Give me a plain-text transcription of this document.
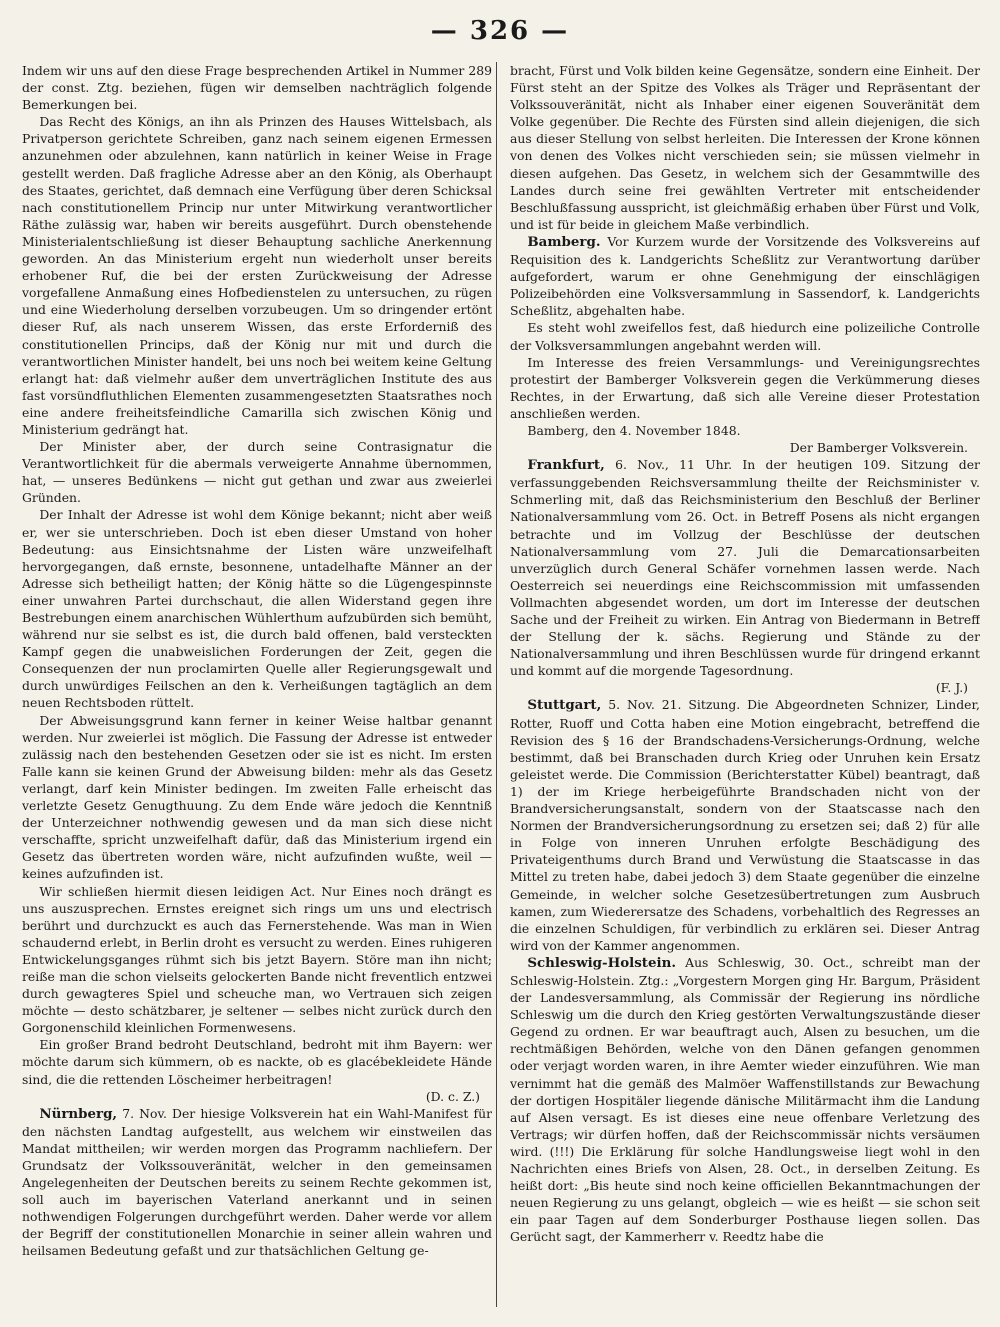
— 326 —

Indem wir uns auf den diese Frage besprechenden Artikel in Nummer 289 der const. Ztg. beziehen, fügen wir demselben nachträglich folgende Bemerkungen bei.

Das Recht des Königs, an ihn als Prinzen des Hauses Wittelsbach, als Privatperson gerichtete Schreiben, ganz nach seinem eigenen Ermessen anzunehmen oder abzulehnen, kann natürlich in keiner Weise in Frage gestellt werden. Daß fragliche Adresse aber an den König, als Oberhaupt des Staates, gerichtet, daß demnach eine Verfügung über deren Schicksal nach constitutionellem Princip nur unter Mitwirkung verantwortlicher Räthe zulässig war, haben wir bereits ausgeführt. Durch obenstehende Ministerialentschließung ist dieser Behauptung sachliche Anerkennung geworden. An das Ministerium ergeht nun wiederholt unser bereits erhobener Ruf, die bei der ersten Zurückweisung der Adresse vorgefallene Anmaßung eines Hofbedienstelen zu untersuchen, zu rügen und eine Wiederholung derselben vorzubeugen. Um so dringender ertönt dieser Ruf, als nach unserem Wissen, das erste Erforderniß des constitutionellen Princips, daß der König nur mit und durch die verantwortlichen Minister handelt, bei uns noch bei weitem keine Geltung erlangt hat: daß vielmehr außer dem unverträglichen Institute des aus fast vorsündfluthlichen Elementen zusammengesetzten Staatsrathes noch eine andere freiheitsfeindliche Camarilla sich zwischen König und Ministerium gedrängt hat.

Der Minister aber, der durch seine Contrasignatur die Verantwortlichkeit für die abermals verweigerte Annahme übernommen, hat, — unseres Bedünkens — nicht gut gethan und zwar aus zweierlei Gründen.

Der Inhalt der Adresse ist wohl dem Könige bekannt; nicht aber weiß er, wer sie unterschrieben. Doch ist eben dieser Umstand von hoher Bedeutung: aus Einsichtsnahme der Listen wäre unzweifelhaft hervorgegangen, daß ernste, besonnene, untadelhafte Männer an der Adresse sich betheiligt hatten; der König hätte so die Lügengespinnste einer unwahren Partei durchschaut, die allen Widerstand gegen ihre Bestrebungen einem anarchischen Wühlerthum aufzubürden sich bemüht, während nur sie selbst es ist, die durch bald offenen, bald versteckten Kampf gegen die unabweislichen Forderungen der Zeit, gegen die Consequenzen der nun proclamirten Quelle aller Regierungsgewalt und durch unwürdiges Feilschen an den k. Verheißungen tagtäglich an dem neuen Rechtsboden rüttelt.

Der Abweisungsgrund kann ferner in keiner Weise haltbar genannt werden. Nur zweierlei ist möglich. Die Fassung der Adresse ist entweder zulässig nach den bestehenden Gesetzen oder sie ist es nicht. Im ersten Falle kann sie keinen Grund der Abweisung bilden: mehr als das Gesetz verlangt, darf kein Minister bedingen. Im zweiten Falle erheischt das verletzte Gesetz Genugthuung. Zu dem Ende wäre jedoch die Kenntniß der Unterzeichner nothwendig gewesen und da man sich diese nicht verschaffte, spricht unzweifelhaft dafür, daß das Ministerium irgend ein Gesetz das übertreten worden wäre, nicht aufzufinden wußte, weil — keines aufzufinden ist.

Wir schließen hiermit diesen leidigen Act. Nur Eines noch drängt es uns auszusprechen. Ernstes ereignet sich rings um uns und electrisch berührt und durchzuckt es auch das Fernerstehende. Was man in Wien schaudernd erlebt, in Berlin droht es versucht zu werden. Eines ruhigeren Entwickelungsganges rühmt sich bis jetzt Bayern. Störe man ihn nicht; reiße man die schon vielseits gelockerten Bande nicht freventlich entzwei durch gewagteres Spiel und scheuche man, wo Vertrauen sich zeigen möchte — desto schätzbarer, je seltener — selbes nicht zurück durch den Gorgonenschild kleinlichen Formenwesens.

Ein großer Brand bedroht Deutschland, bedroht mit ihm Bayern: wer möchte darum sich kümmern, ob es nackte, ob es glacébekleidete Hände sind, die die rettenden Löscheimer herbeitragen!

(D. c. Z.)

Nürnberg, 7. Nov. Der hiesige Volksverein hat ein Wahl-Manifest für den nächsten Landtag aufgestellt, aus welchem wir einstweilen das Mandat mittheilen; wir werden morgen das Programm nachliefern. Der Grundsatz der Volkssouveränität, welcher in den gemeinsamen Angelegenheiten der Deutschen bereits zu seinem Rechte gekommen ist, soll auch im bayerischen Vaterland anerkannt und in seinen nothwendigen Folgerungen durchgeführt werden. Daher werde vor allem der Begriff der constitutionellen Monarchie in seiner allein wahren und heilsamen Bedeutung gefaßt und zur thatsächlichen Geltung ge-

bracht, Fürst und Volk bilden keine Gegensätze, sondern eine Einheit. Der Fürst steht an der Spitze des Volkes als Träger und Repräsentant der Volkssouveränität, nicht als Inhaber einer eigenen Souveränität dem Volke gegenüber. Die Rechte des Fürsten sind allein diejenigen, die sich aus dieser Stellung von selbst herleiten. Die Interessen der Krone können von denen des Volkes nicht verschieden sein; sie müssen vielmehr in diesen aufgehen. Das Gesetz, in welchem sich der Gesammtwille des Landes durch seine frei gewählten Vertreter mit entscheidender Beschlußfassung ausspricht, ist gleichmäßig erhaben über Fürst und Volk, und ist für beide in gleichem Maße verbindlich.

Bamberg. Vor Kurzem wurde der Vorsitzende des Volksvereins auf Requisition des k. Landgerichts Scheßlitz zur Verantwortung darüber aufgefordert, warum er ohne Genehmigung der einschlägigen Polizeibehörden eine Volksversammlung in Sassendorf, k. Landgerichts Scheßlitz, abgehalten habe.

Es steht wohl zweifellos fest, daß hiedurch eine polizeiliche Controlle der Volksversammlungen angebahnt werden will.

Im Interesse des freien Versammlungs- und Vereinigungsrechtes protestirt der Bamberger Volksverein gegen die Verkümmerung dieses Rechtes, in der Erwartung, daß sich alle Vereine dieser Protestation anschließen werden.

Bamberg, den 4. November 1848.

Der Bamberger Volksverein.

Frankfurt, 6. Nov., 11 Uhr. In der heutigen 109. Sitzung der verfassunggebenden Reichsversammlung theilte der Reichsminister v. Schmerling mit, daß das Reichsministerium den Beschluß der Berliner Nationalversammlung vom 26. Oct. in Betreff Posens als nicht ergangen betrachte und im Vollzug der Beschlüsse der deutschen Nationalversammlung vom 27. Juli die Demarcationsarbeiten unverzüglich durch General Schäfer vornehmen lassen werde. Nach Oesterreich sei neuerdings eine Reichscommission mit umfassenden Vollmachten abgesendet worden, um dort im Interesse der deutschen Sache und der Freiheit zu wirken. Ein Antrag von Biedermann in Betreff der Stellung der k. sächs. Regierung und Stände zu der Nationalversammlung und ihren Beschlüssen wurde für dringend erkannt und kommt auf die morgende Tagesordnung.

(F. J.)

Stuttgart, 5. Nov. 21. Sitzung. Die Abgeordneten Schnizer, Linder, Rotter, Ruoff und Cotta haben eine Motion eingebracht, betreffend die Revision des § 16 der Brandschadens-Versicherungs-Ordnung, welche bestimmt, daß bei Branschaden durch Krieg oder Unruhen kein Ersatz geleistet werde. Die Commission (Berichterstatter Kübel) beantragt, daß 1) der im Kriege herbeigeführte Brandschaden nicht von der Brandversicherungsanstalt, sondern von der Staatscasse nach den Normen der Brandversicherungsordnung zu ersetzen sei; daß 2) für alle in Folge von inneren Unruhen erfolgte Beschädigung des Privateigenthums durch Brand und Verwüstung die Staatscasse in das Mittel zu treten habe, dabei jedoch 3) dem Staate gegenüber die einzelne Gemeinde, in welcher solche Gesetzesübertretungen zum Ausbruch kamen, zum Wiederersatze des Schadens, vorbehaltlich des Regresses an die einzelnen Schuldigen, für verbindlich zu erklären sei. Dieser Antrag wird von der Kammer angenommen.

Schleswig-Holstein. Aus Schleswig, 30. Oct., schreibt man der Schleswig-Holstein. Ztg.: „Vorgestern Morgen ging Hr. Bargum, Präsident der Landesversammlung, als Commissär der Regierung ins nördliche Schleswig um die durch den Krieg gestörten Verwaltungszustände dieser Gegend zu ordnen. Er war beauftragt auch, Alsen zu besuchen, um die rechtmäßigen Behörden, welche von den Dänen gefangen genommen oder verjagt worden waren, in ihre Aemter wieder einzuführen. Wie man vernimmt hat die gemäß des Malmöer Waffenstillstands zur Bewachung der dortigen Hospitäler liegende dänische Militärmacht ihm die Landung auf Alsen versagt. Es ist dieses eine neue offenbare Verletzung des Vertrags; wir dürfen hoffen, daß der Reichscommissär nichts versäumen wird. (!!!) Die Erklärung für solche Handlungsweise liegt wohl in den Nachrichten eines Briefs von Alsen, 28. Oct., in derselben Zeitung. Es heißt dort: „Bis heute sind noch keine officiellen Bekanntmachungen der neuen Regierung zu uns gelangt, obgleich — wie es heißt — sie schon seit ein paar Tagen auf dem Sonderburger Posthause liegen sollen. Das Gerücht sagt, der Kammerherr v. Reedtz habe die
